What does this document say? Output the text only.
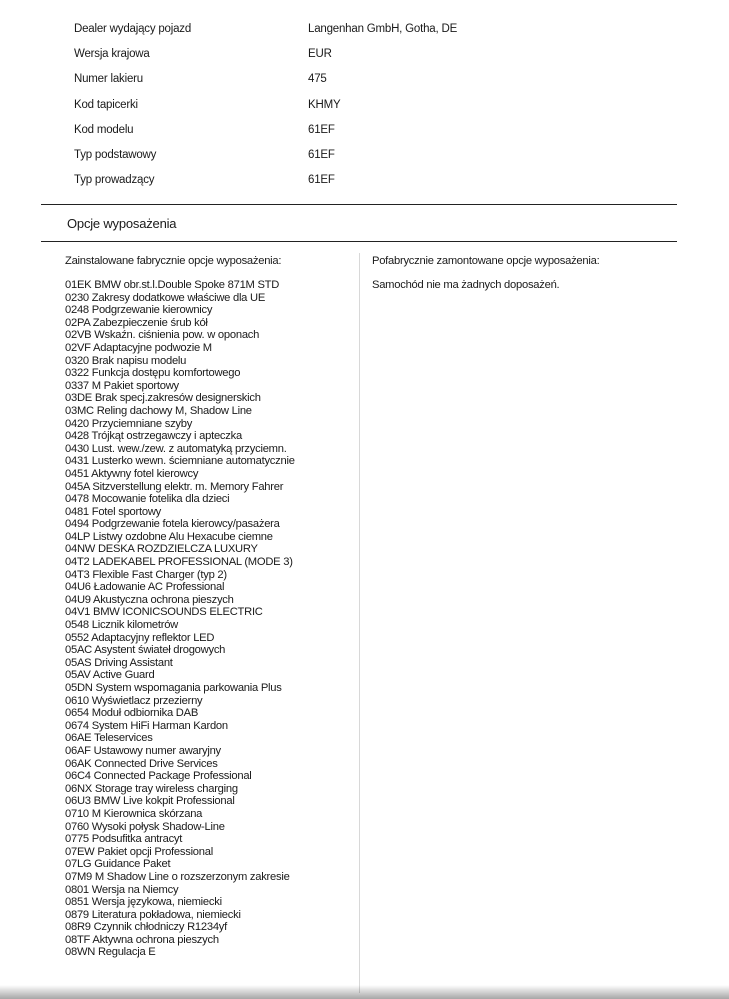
Dealer wydający pojazd	Langenhan GmbH, Gotha, DE
Wersja krajowa	EUR
Numer lakieru	475
Kod tapicerki	KHMY
Kod modelu	61EF
Typ podstawowy	61EF
Typ prowadzący	61EF
Opcje wyposażenia
Zainstalowane fabrycznie opcje wyposażenia:
01EK BMW obr.st.l.Double Spoke 871M STD
0230 Zakresy dodatkowe właściwe dla UE
0248 Podgrzewanie kierownicy
02PA Zabezpieczenie śrub kół
02VB Wskaźn. ciśnienia pow. w oponach
02VF Adaptacyjne podwozie M
0320 Brak napisu modelu
0322 Funkcja dostępu komfortowego
0337 M Pakiet sportowy
03DE Brak specj.zakresów designerskich
03MC Reling dachowy M, Shadow Line
0420 Przyciemniane szyby
0428 Trójkąt ostrzegawczy i apteczka
0430 Lust. wew./zew. z automatyką przyciemn.
0431 Lusterko wewn. ściemniane automatycznie
0451 Aktywny fotel kierowcy
045A Sitzverstellung elektr. m. Memory Fahrer
0478 Mocowanie fotelika dla dzieci
0481 Fotel sportowy
0494 Podgrzewanie fotela kierowcy/pasażera
04LP Listwy ozdobne Alu Hexacube ciemne
04NW DESKA ROZDZIELCZA LUXURY
04T2 LADEKABEL PROFESSIONAL (MODE 3)
04T3 Flexible Fast Charger (typ 2)
04U6 Ładowanie AC Professional
04U9 Akustyczna ochrona pieszych
04V1 BMW ICONICSOUNDS ELECTRIC
0548 Licznik kilometrów
0552 Adaptacyjny reflektor LED
05AC Asystent świateł drogowych
05AS Driving Assistant
05AV Active Guard
05DN System wspomagania parkowania Plus
0610 Wyświetlacz przezierny
0654 Moduł odbiornika DAB
0674 System HiFi Harman Kardon
06AE Teleservices
06AF Ustawowy numer awaryjny
06AK Connected Drive Services
06C4 Connected Package Professional
06NX Storage tray wireless charging
06U3 BMW Live kokpit Professional
0710 M Kierownica skórzana
0760 Wysoki połysk Shadow-Line
0775 Podsufitka antracyt
07EW Pakiet opcji Professional
07LG Guidance Paket
07M9 M Shadow Line o rozszerzonym zakresie
0801 Wersja na Niemcy
0851 Wersja językowa, niemiecki
0879 Literatura pokładowa, niemiecki
08R9 Czynnik chłodniczy R1234yf
08TF Aktywna ochrona pieszych
08WN Regulacja E
Pofabrycznie zamontowane opcje wyposażenia:
Samochód nie ma żadnych doposażeń.
